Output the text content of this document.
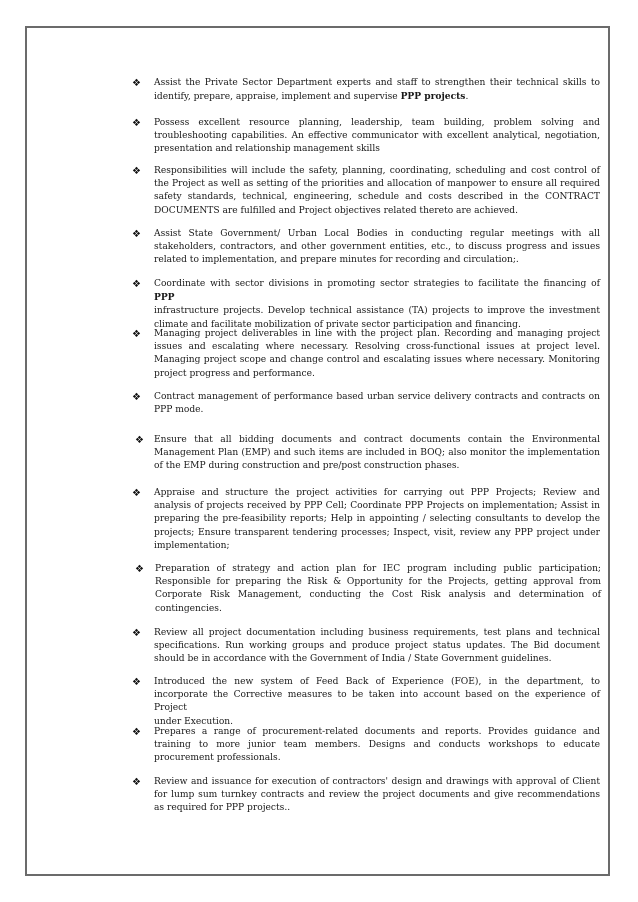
❖	Assist the Private Sector Department experts and staff to strengthen their technical skills to
identify, prepare, appraise, implement and supervise PPP projects.

❖	Possess excellent resource planning, leadership, team building, problem solving and
troubleshooting capabilities. An effective communicator with excellent analytical, negotiation,
presentation and relationship management skills

❖	Responsibilities will include the safety, planning, coordinating, scheduling and cost control of
the Project as well as setting of the priorities and allocation of manpower to ensure all required
safety standards, technical, engineering, schedule and costs described in the CONTRACT
DOCUMENTS are fulfilled and Project objectives related thereto are achieved.

❖	Assist State Government/ Urban Local Bodies in conducting regular meetings with all
stakeholders, contractors, and other government entities, etc., to discuss progress and issues
related to implementation, and prepare minutes for recording and circulation;.

❖	Coordinate with sector divisions in promoting sector strategies to facilitate the financing of PPP
infrastructure projects. Develop technical assistance (TA) projects to improve the investment
climate and facilitate mobilization of private sector participation and financing.

❖	Managing project deliverables in line with the project plan. Recording and managing project
issues and escalating where necessary. Resolving cross-functional issues at project level.
Managing project scope and change control and escalating issues where necessary. Monitoring
project progress and performance.

❖	Contract management of performance based urban service delivery contracts and contracts on
PPP mode.

❖	Ensure that all bidding documents and contract documents contain the Environmental
Management Plan (EMP) and such items are included in BOQ; also monitor the implementation
of the EMP during construction and pre/post construction phases.

❖	Appraise and structure the project activities for carrying out PPP Projects; Review and
analysis of projects received by PPP Cell; Coordinate PPP Projects on implementation; Assist in
preparing the pre-feasibility reports; Help in appointing / selecting consultants to develop the
projects; Ensure transparent tendering processes; Inspect, visit, review any PPP project under
implementation;

❖	Preparation of strategy and action plan for IEC program including public participation;
Responsible for preparing the Risk & Opportunity for the Projects, getting approval from
Corporate Risk Management, conducting the Cost Risk analysis and determination of
contingencies.

❖	Review all project documentation including business requirements, test plans and technical
specifications. Run working groups and produce project status updates. The Bid document
should be in accordance with the Government of India / State Government guidelines.

❖	Introduced the new system of Feed Back of Experience (FOE), in the department, to
incorporate the Corrective measures to be taken into account based on the experience of Project
under Execution.

❖	Prepares a range of procurement-related documents and reports. Provides guidance and
training to more junior team members. Designs and conducts workshops to educate
procurement professionals.

❖	Review and issuance for execution of contractors' design and drawings with approval of Client
for lump sum turnkey contracts and review the project documents and give recommendations
as required for PPP projects..
